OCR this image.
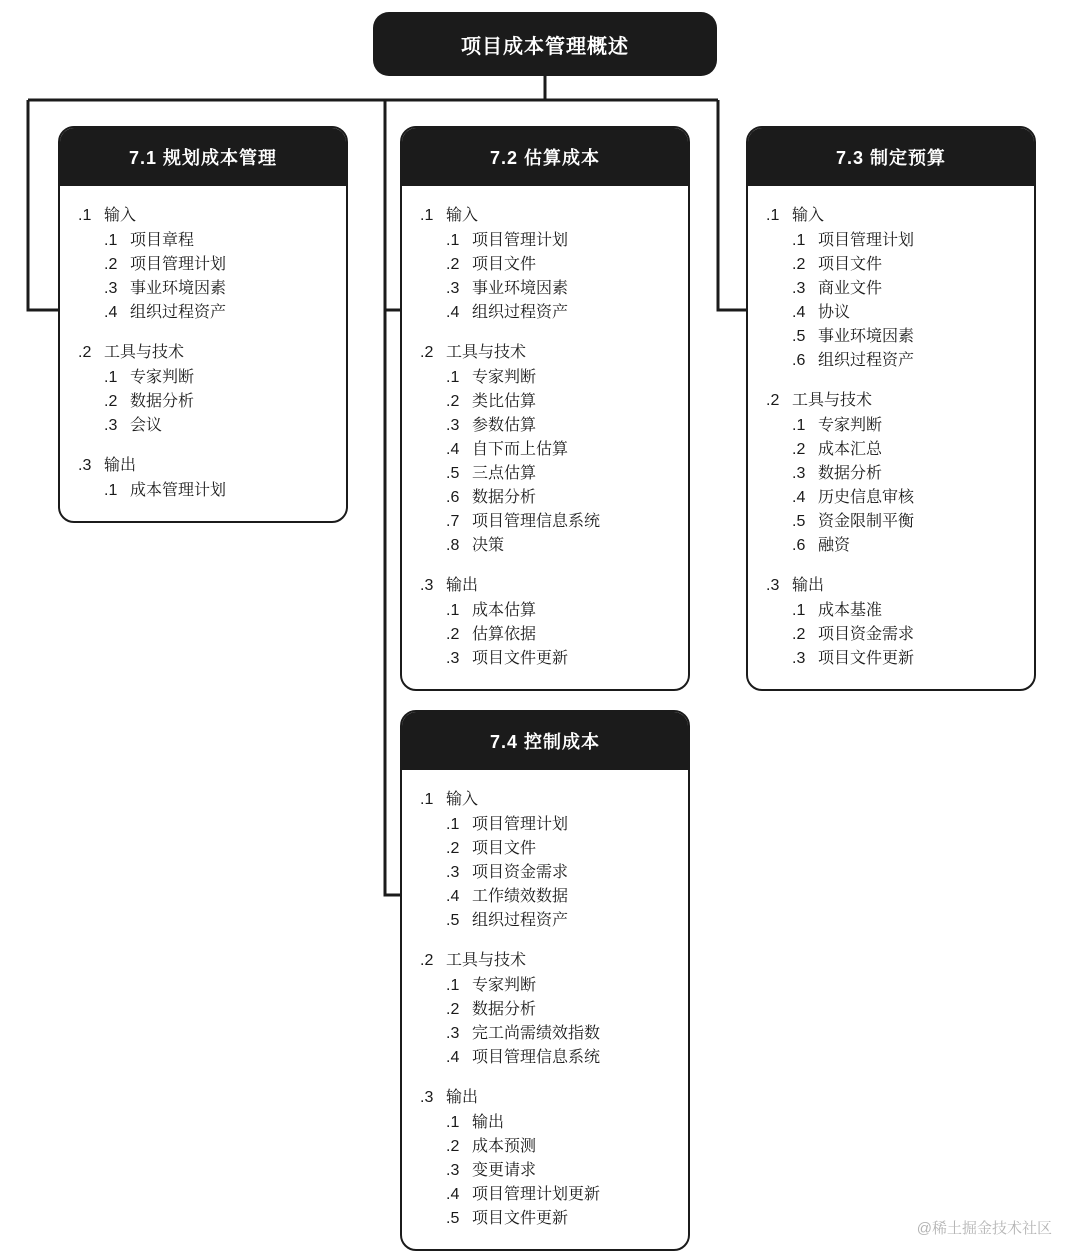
项目成本管理概述
7.1 规划成本管理
.1 输入
.1 项目章程
.2 项目管理计划
.3 事业环境因素
.4 组织过程资产
.2 工具与技术
.1 专家判断
.2 数据分析
.3 会议
.3 输出
.1 成本管理计划
7.2 估算成本
.1 输入
.1 项目管理计划
.2 项目文件
.3 事业环境因素
.4 组织过程资产
.2 工具与技术
.1 专家判断
.2 类比估算
.3 参数估算
.4 自下而上估算
.5 三点估算
.6 数据分析
.7 项目管理信息系统
.8 决策
.3 输出
.1 成本估算
.2 估算依据
.3 项目文件更新
7.3 制定预算
.1 输入
.1 项目管理计划
.2 项目文件
.3 商业文件
.4 协议
.5 事业环境因素
.6 组织过程资产
.2 工具与技术
.1 专家判断
.2 成本汇总
.3 数据分析
.4 历史信息审核
.5 资金限制平衡
.6 融资
.3 输出
.1 成本基准
.2 项目资金需求
.3 项目文件更新
7.4 控制成本
.1 输入
.1 项目管理计划
.2 项目文件
.3 项目资金需求
.4 工作绩效数据
.5 组织过程资产
.2 工具与技术
.1 专家判断
.2 数据分析
.3 完工尚需绩效指数
.4 项目管理信息系统
.3 输出
.1 输出
.2 成本预测
.3 变更请求
.4 项目管理计划更新
.5 项目文件更新
@稀土掘金技术社区
